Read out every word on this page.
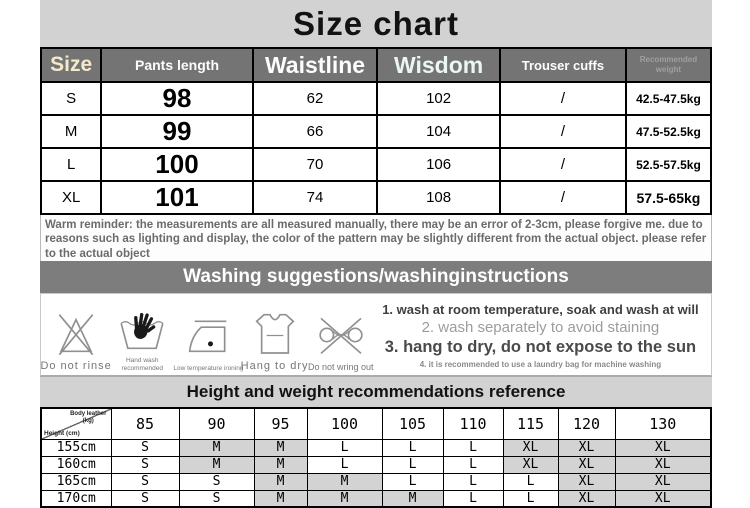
Size chart
Size	Pants length	Waistline	Wisdom	Trouser cuffs	Recommended
weight

S	98	62	102	/	42.5-47.5kg
M	99	66	104	/	47.5-52.5kg
L	100	70	106	/	52.5-57.5kg
XL	101	74	108	/	57.5-65kg
Warm reminder: the measurements are all measured manually, there may be an error of 2-3cm, please forgive me. due to reasons such as lighting and display, the color of the pattern may be slightly different from the actual object. please refer to the actual object
Washing suggestions/washinginstructions
Do not rinse	Hand wash recommended	Low temperature ironing
Hang to dry Do not wring out
1. wash at room temperature, soak and wash at will
2. wash separately to avoid staining
3. hang to dry, do not expose to the sun
4. it is recommended to use a laundry bag for machine washing
Height and weight recommendations reference
Body leather (kg)
Height (cm)	85	90	95	100	105	110	115	120	130
155cm	S	M	M	L	L	L	XL	XL	XL
160cm	S	M	M	L	L	L	XL	XL	XL
165cm	S	S	M	M	L	L	L	XL	XL
170cm	S	S	M	M	M	L	L	XL	XL
